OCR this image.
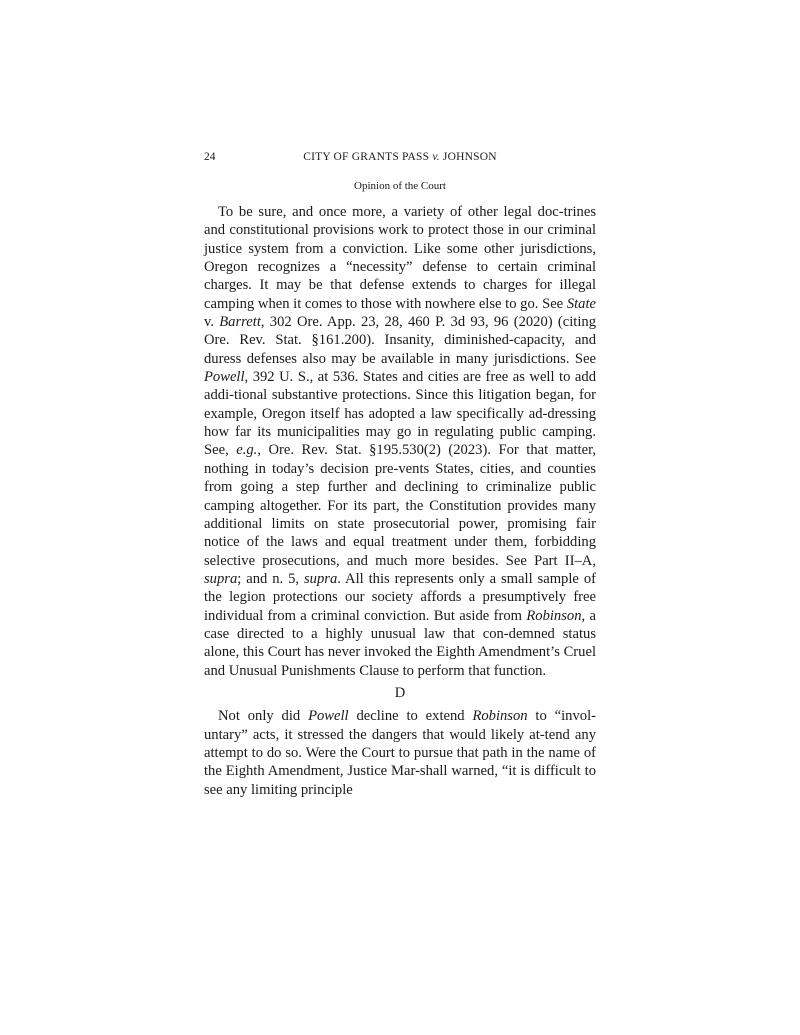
24	CITY OF GRANTS PASS v. JOHNSON
Opinion of the Court

To be sure, and once more, a variety of other legal doc-trines and constitutional provisions work to protect those in our criminal justice system from a conviction. Like some other jurisdictions, Oregon recognizes a “necessity” defense to certain criminal charges. It may be that defense extends to charges for illegal camping when it comes to those with nowhere else to go. See State v. Barrett, 302 Ore. App. 23, 28, 460 P. 3d 93, 96 (2020) (citing Ore. Rev. Stat. §161.200). Insanity, diminished-capacity, and duress defenses also may be available in many jurisdictions. See Powell, 392 U. S., at 536. States and cities are free as well to add addi-tional substantive protections. Since this litigation began, for example, Oregon itself has adopted a law specifically ad-dressing how far its municipalities may go in regulating public camping. See, e.g., Ore. Rev. Stat. §195.530(2) (2023). For that matter, nothing in today’s decision pre-vents States, cities, and counties from going a step further and declining to criminalize public camping altogether. For its part, the Constitution provides many additional limits on state prosecutorial power, promising fair notice of the laws and equal treatment under them, forbidding selective prosecutions, and much more besides. See Part II–A, supra; and n. 5, supra. All this represents only a small sample of the legion protections our society affords a presumptively free individual from a criminal conviction. But aside from Robinson, a case directed to a highly unusual law that con-demned status alone, this Court has never invoked the Eighth Amendment’s Cruel and Unusual Punishments Clause to perform that function.

D

Not only did Powell decline to extend Robinson to “invol-untary” acts, it stressed the dangers that would likely at-tend any attempt to do so. Were the Court to pursue that path in the name of the Eighth Amendment, Justice Mar-shall warned, “it is difficult to see any limiting principle
